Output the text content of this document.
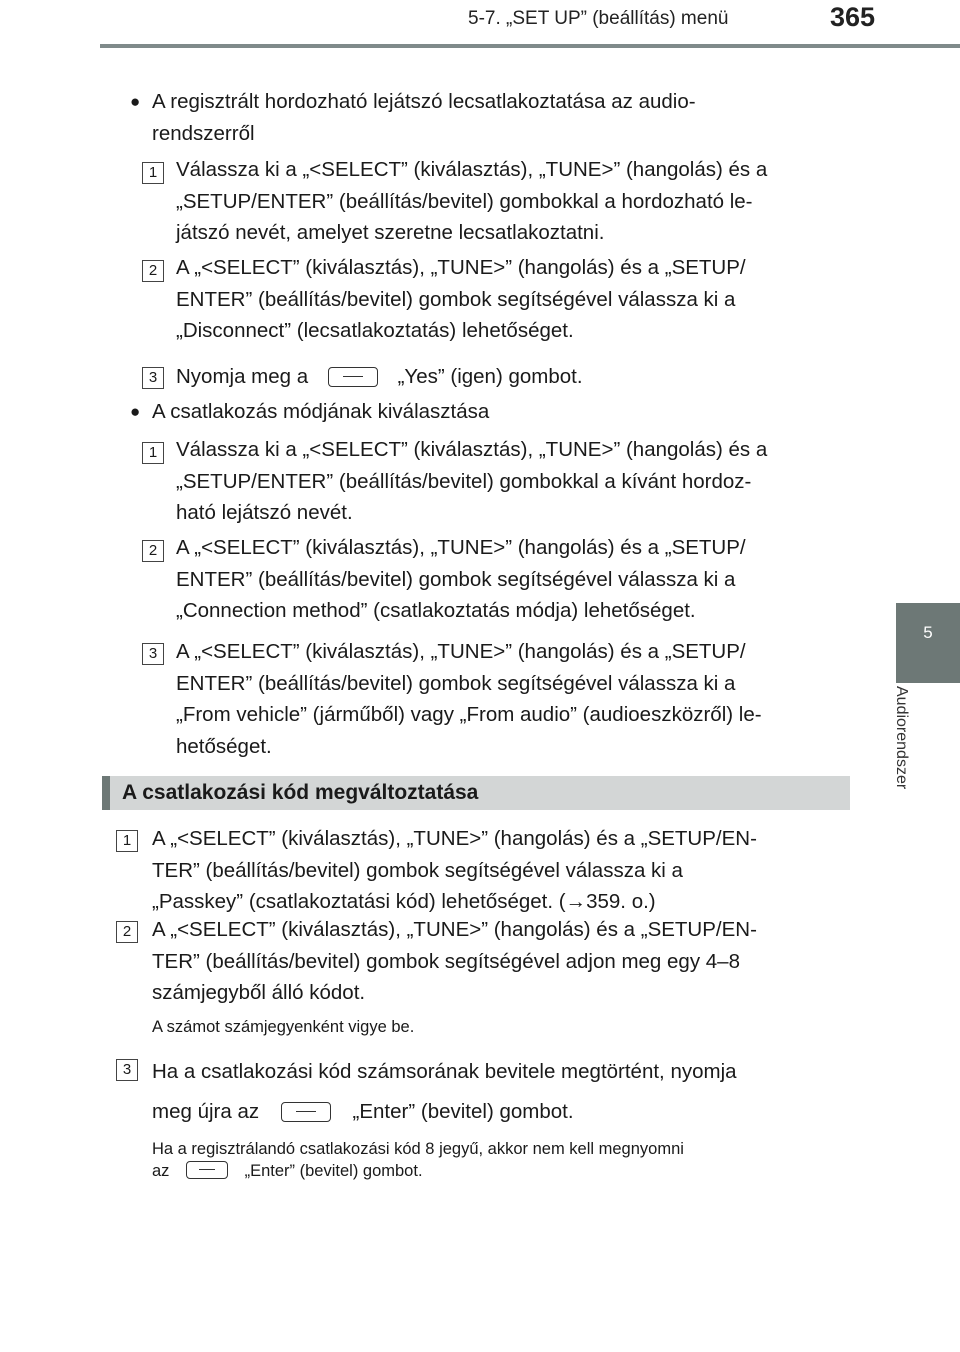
5-7. „SET UP” (beállítás) menü	365
5
Audiorendszer
● A regisztrált hordozható lejátszó lecsatlakoztatása az audio-
rendszerről
1 Válassza ki a „<SELECT” (kiválasztás), „TUNE>” (hangolás) és a
„SETUP/ENTER” (beállítás/bevitel) gombokkal a hordozható le-
játszó nevét, amelyet szeretne lecsatlakoztatni.
2 A „<SELECT” (kiválasztás), „TUNE>” (hangolás) és a „SETUP/
ENTER” (beállítás/bevitel) gombok segítségével válassza ki a
„Disconnect” (lecsatlakoztatás) lehetőséget.
3 Nyomja meg a	„Yes” (igen) gombot.
● A csatlakozás módjának kiválasztása
1 Válassza ki a „<SELECT” (kiválasztás), „TUNE>” (hangolás) és a
„SETUP/ENTER” (beállítás/bevitel) gombokkal a kívánt hordoz-
ható lejátszó nevét.
2 A „<SELECT” (kiválasztás), „TUNE>” (hangolás) és a „SETUP/
ENTER” (beállítás/bevitel) gombok segítségével válassza ki a
„Connection method” (csatlakoztatás módja) lehetőséget.
3 A „<SELECT” (kiválasztás), „TUNE>” (hangolás) és a „SETUP/
ENTER” (beállítás/bevitel) gombok segítségével válassza ki a
„From vehicle” (járműből) vagy „From audio” (audioeszközről) le-
hetőséget.
A csatlakozási kód megváltoztatása
1	A „<SELECT” (kiválasztás), „TUNE>” (hangolás) és a „SETUP/EN-
TER” (beállítás/bevitel) gombok segítségével válassza ki a
„Passkey” (csatlakoztatási kód) lehetőséget. (→359. o.)
2	A „<SELECT” (kiválasztás), „TUNE>” (hangolás) és a „SETUP/EN-
TER” (beállítás/bevitel) gombok segítségével adjon meg egy 4–8
számjegyből álló kódot.
A számot számjegyenként vigye be.
3	Ha a csatlakozási kód számsorának bevitele megtörtént, nyomja
meg újra az	„Enter” (bevitel) gombot.
Ha a regisztrálandó csatlakozási kód 8 jegyű, akkor nem kell megnyomni
az	„Enter” (bevitel) gombot.
